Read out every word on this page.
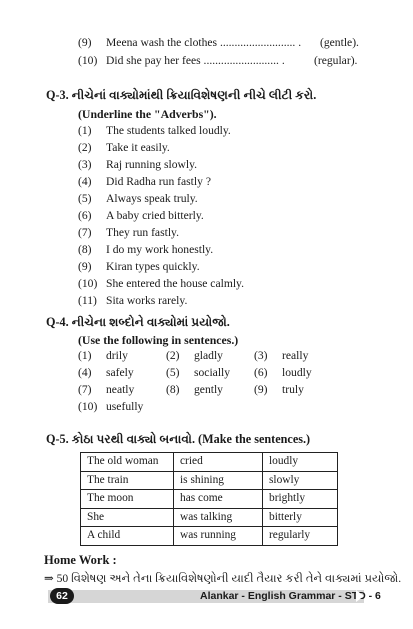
(9) Meena wash the clothes .......................... . (gentle).
(10) Did she pay her fees .......................... .	(regular).
Q-3. નીચેનાં વાક્યોમાંથી ક્રિયાવિશેષણની નીચે લીટી કરો.
(Underline the "Adverbs").
(1) The students talked loudly.
(2) Take it easily.
(3) Raj running slowly.
(4) Did Radha run fastly ?
(5) Always speak truly.
(6) A baby cried bitterly.
(7) They run fastly.
(8) I do my work honestly.
(9) Kiran types quickly.
(10) She entered the house calmly.
(11) Sita works rarely.
Q-4. નીચેના શબ્દોને વાક્યોમાં પ્રયોજો.
(Use the following in sentences.)
(1) drily	(2) gladly	(3) really
(4) safely	(5) socially (6) loudly
(7) neatly	(8) gently	(9) truly
(10) usefully
Q-5. કોઠા પરથી વાક્યો બનાવો. (Make the sentences.)
The old woman	cried	loudly
The train	is shining	slowly
The moon	has come	brightly
She	was talking	bitterly
A child	was running	regularly
Home Work :
⇒ 50 વિશેષણ અને તેના ક્રિયાવિશેષણોની યાદી તૈયાર કરી તેને વાક્યમાં પ્રયોજો.
62	Alankar - English Grammar - STD - 6
